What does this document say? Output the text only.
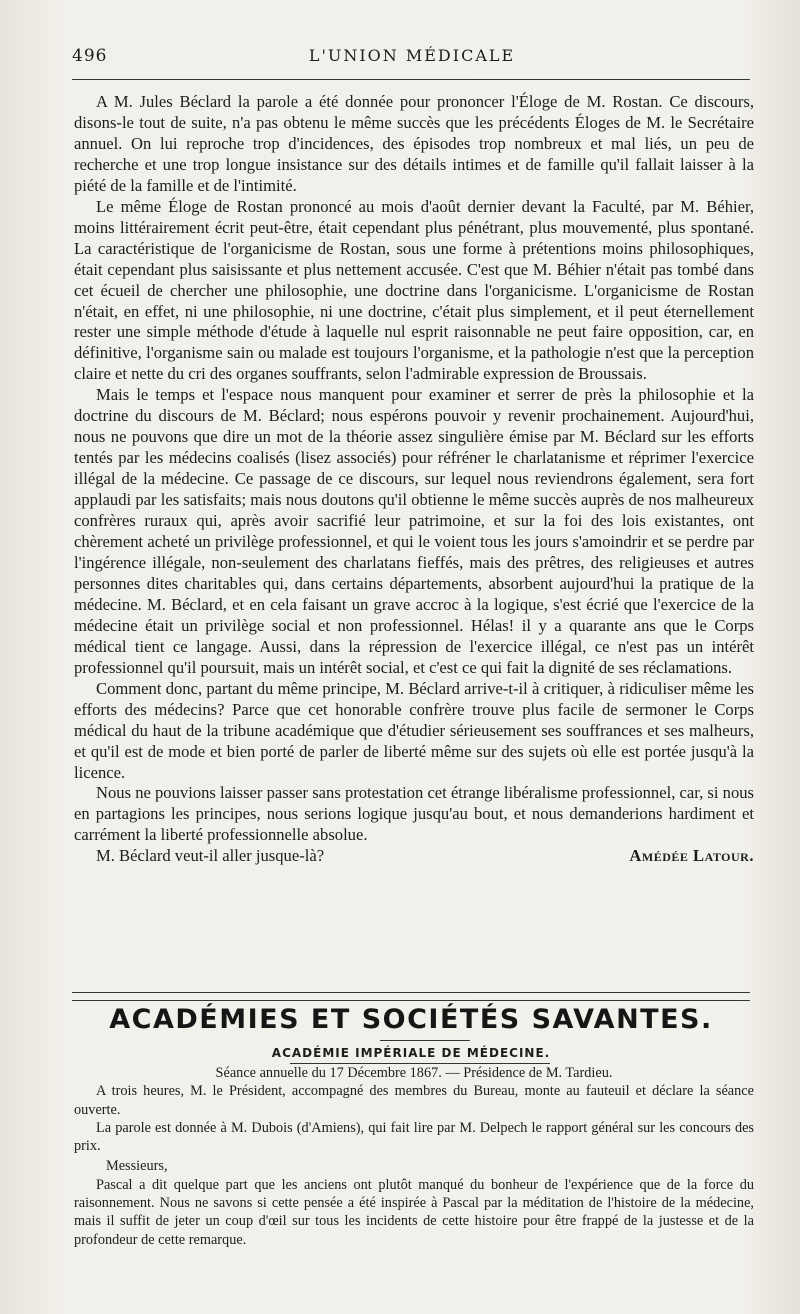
496	L'UNION MÉDICALE

A M. Jules Béclard la parole a été donnée pour prononcer l'Éloge de M. Rostan. Ce discours, disons-le tout de suite, n'a pas obtenu le même succès que les précédents Éloges de M. le Secrétaire annuel. On lui reproche trop d'incidences, des épisodes trop nombreux et mal liés, un peu de recherche et une trop longue insistance sur des détails intimes et de famille qu'il fallait laisser à la piété de la famille et de l'intimité.

Le même Éloge de Rostan prononcé au mois d'août dernier devant la Faculté, par M. Béhier, moins littérairement écrit peut-être, était cependant plus pénétrant, plus mouvementé, plus spontané. La caractéristique de l'organicisme de Rostan, sous une forme à prétentions moins philosophiques, était cependant plus saisissante et plus nettement accusée. C'est que M. Béhier n'était pas tombé dans cet écueil de chercher une philosophie, une doctrine dans l'organicisme. L'organicisme de Rostan n'était, en effet, ni une philosophie, ni une doctrine, c'était plus simplement, et il peut éternellement rester une simple méthode d'étude à laquelle nul esprit raisonnable ne peut faire opposition, car, en définitive, l'organisme sain ou malade est toujours l'organisme, et la pathologie n'est que la perception claire et nette du cri des organes souffrants, selon l'admirable expression de Broussais.

Mais le temps et l'espace nous manquent pour examiner et serrer de près la philosophie et la doctrine du discours de M. Béclard; nous espérons pouvoir y revenir prochainement. Aujourd'hui, nous ne pouvons que dire un mot de la théorie assez singulière émise par M. Béclard sur les efforts tentés par les médecins coalisés (lisez associés) pour réfréner le charlatanisme et réprimer l'exercice illégal de la médecine. Ce passage de ce discours, sur lequel nous reviendrons également, sera fort applaudi par les satisfaits; mais nous doutons qu'il obtienne le même succès auprès de nos malheureux confrères ruraux qui, après avoir sacrifié leur patrimoine, et sur la foi des lois existantes, ont chèrement acheté un privilège professionnel, et qui le voient tous les jours s'amoindrir et se perdre par l'ingérence illégale, non-seulement des charlatans fieffés, mais des prêtres, des religieuses et autres personnes dites charitables qui, dans certains départements, absorbent aujourd'hui la pratique de la médecine. M. Béclard, et en cela faisant un grave accroc à la logique, s'est écrié que l'exercice de la médecine était un privilège social et non professionnel. Hélas! il y a quarante ans que le Corps médical tient ce langage. Aussi, dans la répression de l'exercice illégal, ce n'est pas un intérêt professionnel qu'il poursuit, mais un intérêt social, et c'est ce qui fait la dignité de ses réclamations.

Comment donc, partant du même principe, M. Béclard arrive-t-il à critiquer, à ridiculiser même les efforts des médecins? Parce que cet honorable confrère trouve plus facile de sermoner le Corps médical du haut de la tribune académique que d'étudier sérieusement ses souffrances et ses malheurs, et qu'il est de mode et bien porté de parler de liberté même sur des sujets où elle est portée jusqu'à la licence.

Nous ne pouvions laisser passer sans protestation cet étrange libéralisme professionnel, car, si nous en partagions les principes, nous serions logique jusqu'au bout, et nous demanderions hardiment et carrément la liberté professionnelle absolue.

M. Béclard veut-il aller jusque-là?	Amédée Latour.

ACADÉMIES ET SOCIÉTÉS SAVANTES.
ACADÉMIE IMPÉRIALE DE MÉDECINE.

Séance annuelle du 17 Décembre 1867. — Présidence de M. Tardieu.

A trois heures, M. le Président, accompagné des membres du Bureau, monte au fauteuil et déclare la séance ouverte.

La parole est donnée à M. Dubois (d'Amiens), qui fait lire par M. Delpech le rapport général sur les concours des prix.

Messieurs,

Pascal a dit quelque part que les anciens ont plutôt manqué du bonheur de l'expérience que de la force du raisonnement. Nous ne savons si cette pensée a été inspirée à Pascal par la méditation de l'histoire de la médecine, mais il suffit de jeter un coup d'œil sur tous les incidents de cette histoire pour être frappé de la justesse et de la profondeur de cette remarque.
